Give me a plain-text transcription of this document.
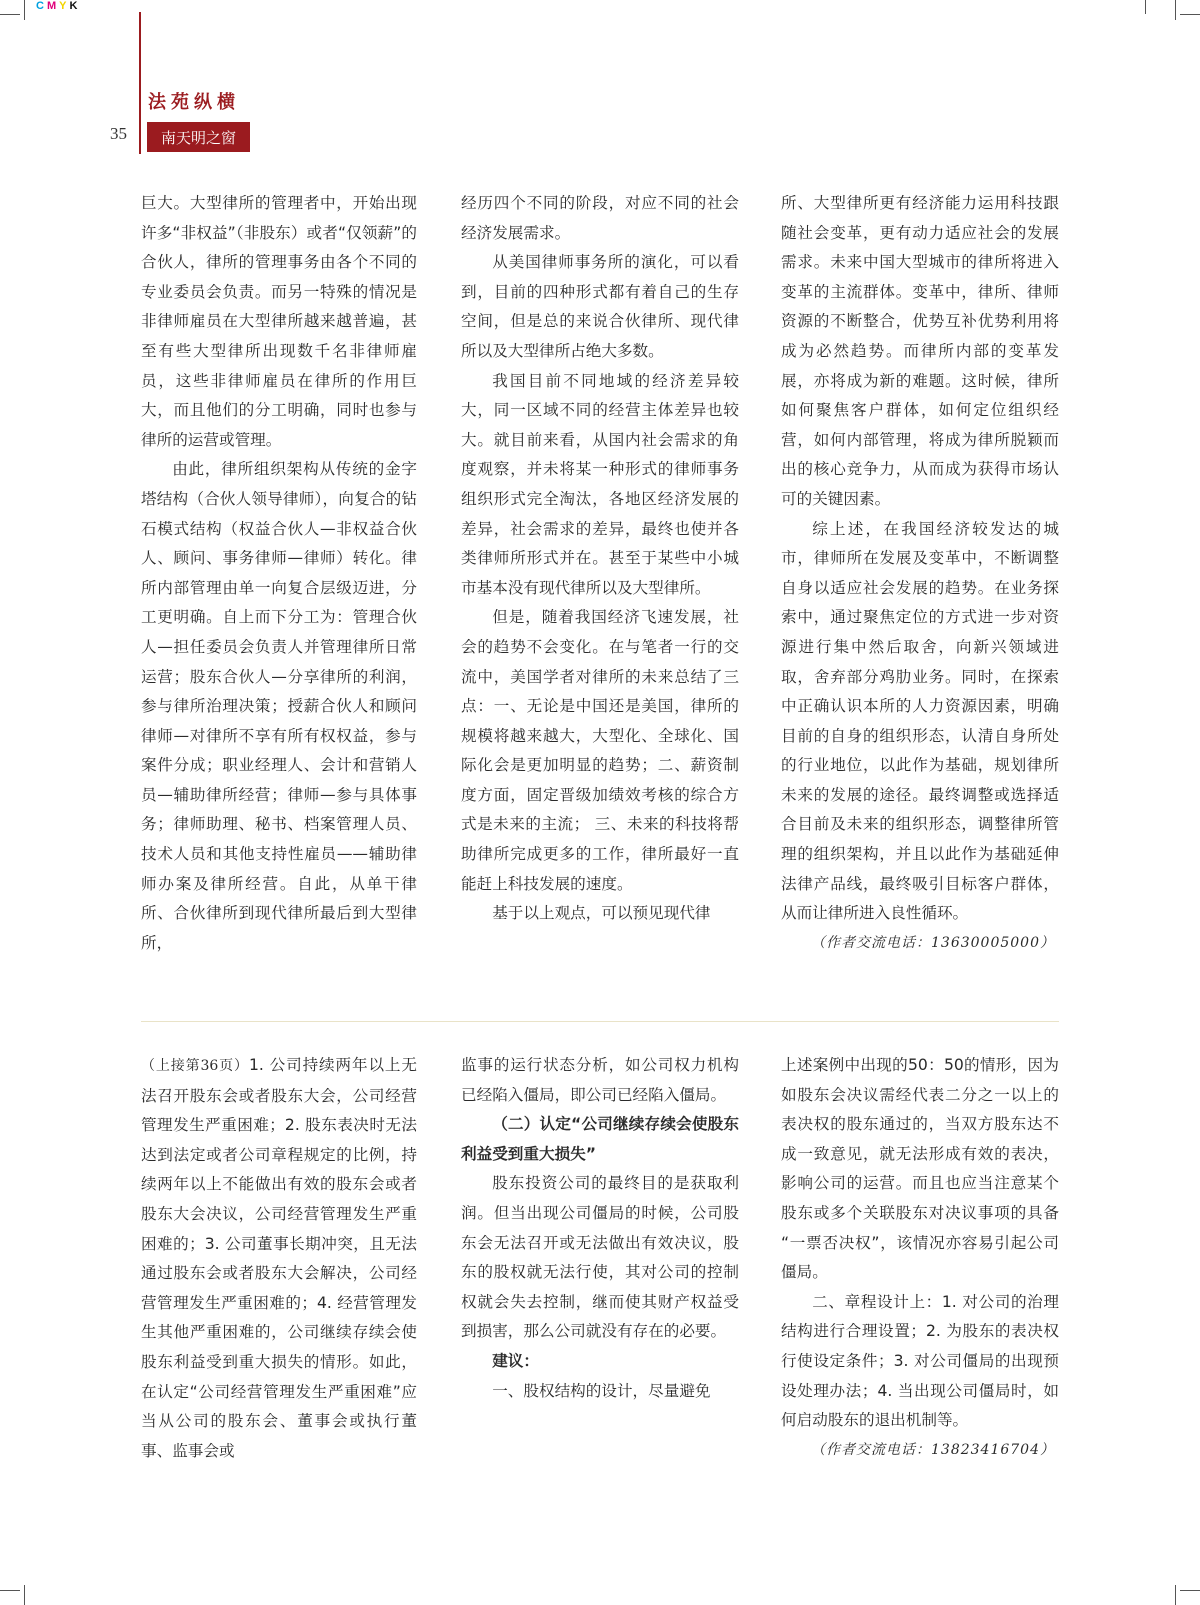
CMYK
法苑纵横
35 南天明之窗

巨大。大型律所的管理者中，开始出现许多“非权益”（非股东）或者“仅领薪”的合伙人，律所的管理事务由各个不同的专业委员会负责。而另一特殊的情况是非律师雇员在大型律所越来越普遍，甚至有些大型律所出现数千名非律师雇员，这些非律师雇员在律所的作用巨大，而且他们的分工明确，同时也参与律所的运营或管理。

由此，律所组织架构从传统的金字塔结构（合伙人领导律师），向复合的钻石模式结构（权益合伙人—非权益合伙人、顾问、事务律师—律师）转化。律所内部管理由单一向复合层级迈进，分工更明确。自上而下分工为：管理合伙人—担任委员会负责人并管理律所日常运营；股东合伙人—分享律所的利润，参与律所治理决策；授薪合伙人和顾问律师—对律所不享有所有权权益，参与案件分成；职业经理人、会计和营销人员—辅助律所经营；律师—参与具体事务；律师助理、秘书、档案管理人员、技术人员和其他支持性雇员——辅助律师办案及律所经营。自此，从单干律所、合伙律所到现代律所最后到大型律所，

经历四个不同的阶段，对应不同的社会经济发展需求。

从美国律师事务所的演化，可以看到，目前的四种形式都有着自己的生存空间，但是总的来说合伙律所、现代律所以及大型律所占绝大多数。

我国目前不同地域的经济差异较大，同一区域不同的经营主体差异也较大。就目前来看，从国内社会需求的角度观察，并未将某一种形式的律师事务组织形式完全淘汰，各地区经济发展的差异，社会需求的差异，最终也使并各类律师所形式并在。甚至于某些中小城市基本没有现代律所以及大型律所。

但是，随着我国经济飞速发展，社会的趋势不会变化。在与笔者一行的交流中，美国学者对律所的未来总结了三点：一、无论是中国还是美国，律所的规模将越来越大，大型化、全球化、国际化会是更加明显的趋势；二、薪资制度方面，固定晋级加绩效考核的综合方式是未来的主流； 三、未来的科技将帮助律所完成更多的工作，律所最好一直能赶上科技发展的速度。

基于以上观点，可以预见现代律

所、大型律所更有经济能力运用科技跟随社会变革，更有动力适应社会的发展需求。未来中国大型城市的律所将进入变革的主流群体。变革中，律所、律师资源的不断整合，优势互补优势利用将成为必然趋势。而律所内部的变革发展，亦将成为新的难题。这时候，律所如何聚焦客户群体，如何定位组织经营，如何内部管理，将成为律所脱颖而出的核心竞争力，从而成为获得市场认可的关键因素。

综上述，在我国经济较发达的城市，律师所在发展及变革中，不断调整自身以适应社会发展的趋势。在业务探索中，通过聚焦定位的方式进一步对资源进行集中然后取舍，向新兴领域进取，舍弃部分鸡肋业务。同时，在探索中正确认识本所的人力资源因素，明确目前的自身的组织形态，认清自身所处的行业地位，以此作为基础，规划律所未来的发展的途径。最终调整或选择适合目前及未来的组织形态，调整律所管理的组织架构，并且以此作为基础延伸法律产品线，最终吸引目标客户群体，从而让律所进入良性循环。

（作者交流电话：13630005000）

（上接第36页）1. 公司持续两年以上无法召开股东会或者股东大会，公司经营管理发生严重困难；2. 股东表决时无法达到法定或者公司章程规定的比例，持续两年以上不能做出有效的股东会或者股东大会决议，公司经营管理发生严重困难的；3. 公司董事长期冲突，且无法通过股东会或者股东大会解决，公司经营管理发生严重困难的；4. 经营管理发生其他严重困难的，公司继续存续会使股东利益受到重大损失的情形。如此，在认定“公司经营管理发生严重困难”应当从公司的股东会、董事会或执行董事、监事会或

监事的运行状态分析，如公司权力机构已经陷入僵局，即公司已经陷入僵局。

（二）认定“公司继续存续会使股东利益受到重大损失”

股东投资公司的最终目的是获取利润。但当出现公司僵局的时候，公司股东会无法召开或无法做出有效决议，股东的股权就无法行使，其对公司的控制权就会失去控制，继而使其财产权益受到损害，那么公司就没有存在的必要。

建议：

一、股权结构的设计，尽量避免

上述案例中出现的50：50的情形，因为如股东会决议需经代表二分之一以上的表决权的股东通过的，当双方股东达不成一致意见，就无法形成有效的表决，影响公司的运营。而且也应当注意某个股东或多个关联股东对决议事项的具备 “一票否决权”，该情况亦容易引起公司僵局。

二、章程设计上：1. 对公司的治理结构进行合理设置；2. 为股东的表决权行使设定条件；3. 对公司僵局的出现预设处理办法；4. 当出现公司僵局时，如何启动股东的退出机制等。

（作者交流电话：13823416704）
